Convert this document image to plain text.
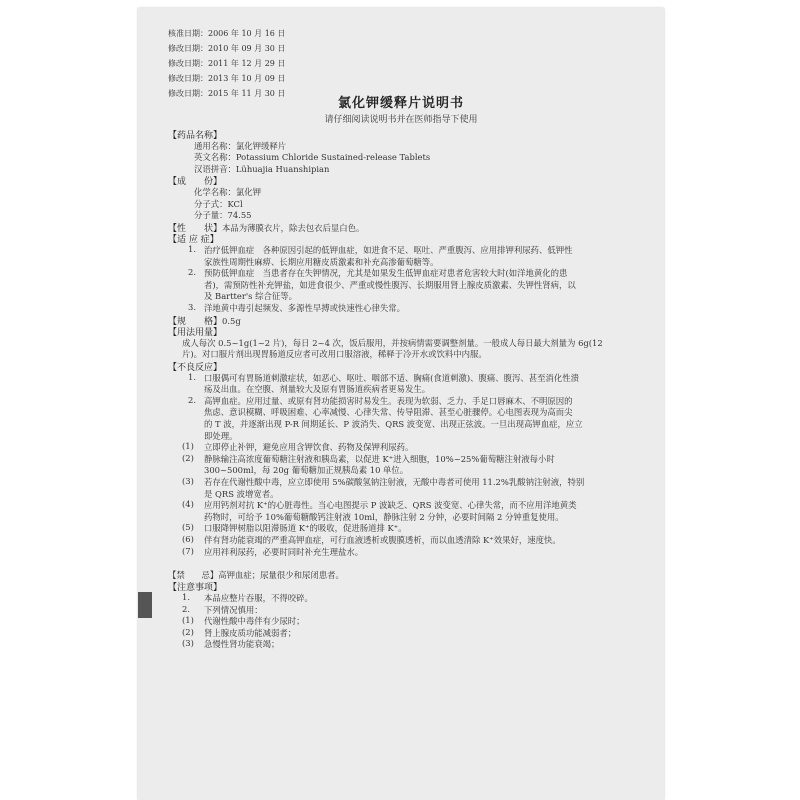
核准日期：2006 年 10 月 16 日
修改日期：2010 年 09 月 30 日
修改日期：2011 年 12 月 29 日
修改日期：2013 年 10 月 09 日
修改日期：2015 年 11 月 30 日
氯化钾缓释片说明书
请仔细阅读说明书并在医师指导下使用
【药品名称】
通用名称：氯化钾缓释片
英文名称：Potassium Chloride Sustained-release Tablets
汉语拼音：Lühuajia Huanshipian
【成　　份】
化学名称：氯化钾
分子式：KCl
分子量：74.55
【性　　状】本品为薄膜衣片，除去包衣后显白色。
【适 应 症】
1. 治疗低钾血症　各种原因引起的低钾血症，如进食不足、呕吐、严重腹泻、应用排钾利尿药、低钾性
家族性周期性麻痹、长期应用糖皮质激素和补充高渗葡萄糖等。
2. 预防低钾血症　当患者存在失钾情况，尤其是如果发生低钾血症对患者危害较大时(如洋地黄化的患
者)，需预防性补充钾盐，如进食很少、严重或慢性腹泻、长期服用肾上腺皮质激素、失钾性肾病，以
及 Bartter's 综合征等。
3. 洋地黄中毒引起频发、多源性早搏或快速性心律失常。
【规　　格】0.5g
【用法用量】
成人每次 0.5~1g(1~2 片)，每日 2~4 次，饭后服用，并按病情需要调整剂量。一般成人每日最大剂量为 6g(12
片)。对口服片剂出现胃肠道反应者可改用口服溶液，稀释于冷开水或饮料中内服。
【不良反应】
1. 口服偶可有胃肠道刺激症状，如恶心、呕吐、咽部不适、胸痛(食道刺激)、腹痛、腹泻、甚至消化性溃
疡及出血。在空腹、剂量较大及原有胃肠道疾病者更易发生。
2. 高钾血症。应用过量、或原有肾功能损害时易发生。表现为软弱、乏力、手足口唇麻木、不明原因的
焦虑、意识模糊、呼吸困难、心率减慢、心律失常、传导阻滞、甚至心脏骤停。心电图表现为高而尖
的 T 波，并逐渐出现 P-R 间期延长、P 波消失、QRS 波变宽、出现正弦波。一旦出现高钾血症，应立
即处理。
(1) 立即停止补钾，避免应用含钾饮食、药物及保钾利尿药。
(2) 静脉输注高浓度葡萄糖注射液和胰岛素，以促进 K⁺进入细胞，10%~25%葡萄糖注射液每小时
300~500ml，每 20g 葡萄糖加正规胰岛素 10 单位。
(3) 若存在代谢性酸中毒，应立即使用 5%碳酸氢钠注射液，无酸中毒者可使用 11.2%乳酸钠注射液，特别
是 QRS 波增宽者。
(4) 应用钙剂对抗 K⁺的心脏毒性。当心电图提示 P 波缺乏、QRS 波变宽、心律失常，而不应用洋地黄类
药物时，可给予 10%葡萄糖酸钙注射液 10ml，静脉注射 2 分钟，必要时间隔 2 分钟重复使用。
(5) 口服降钾树脂以阻滞肠道 K⁺的吸收，促进肠道排 K⁺。
(6) 伴有肾功能衰竭的严重高钾血症，可行血液透析或腹膜透析，而以血透清除 K⁺效果好，速度快。
(7) 应用袢利尿药，必要时同时补充生理盐水。
【禁　　忌】高钾血症；尿量很少和尿闭患者。
【注意事项】
1. 本品应整片吞服，不得咬碎。
2. 下列情况慎用：
(1) 代谢性酸中毒伴有少尿时；
(2) 肾上腺皮质功能减弱者；
(3) 急慢性肾功能衰竭；
